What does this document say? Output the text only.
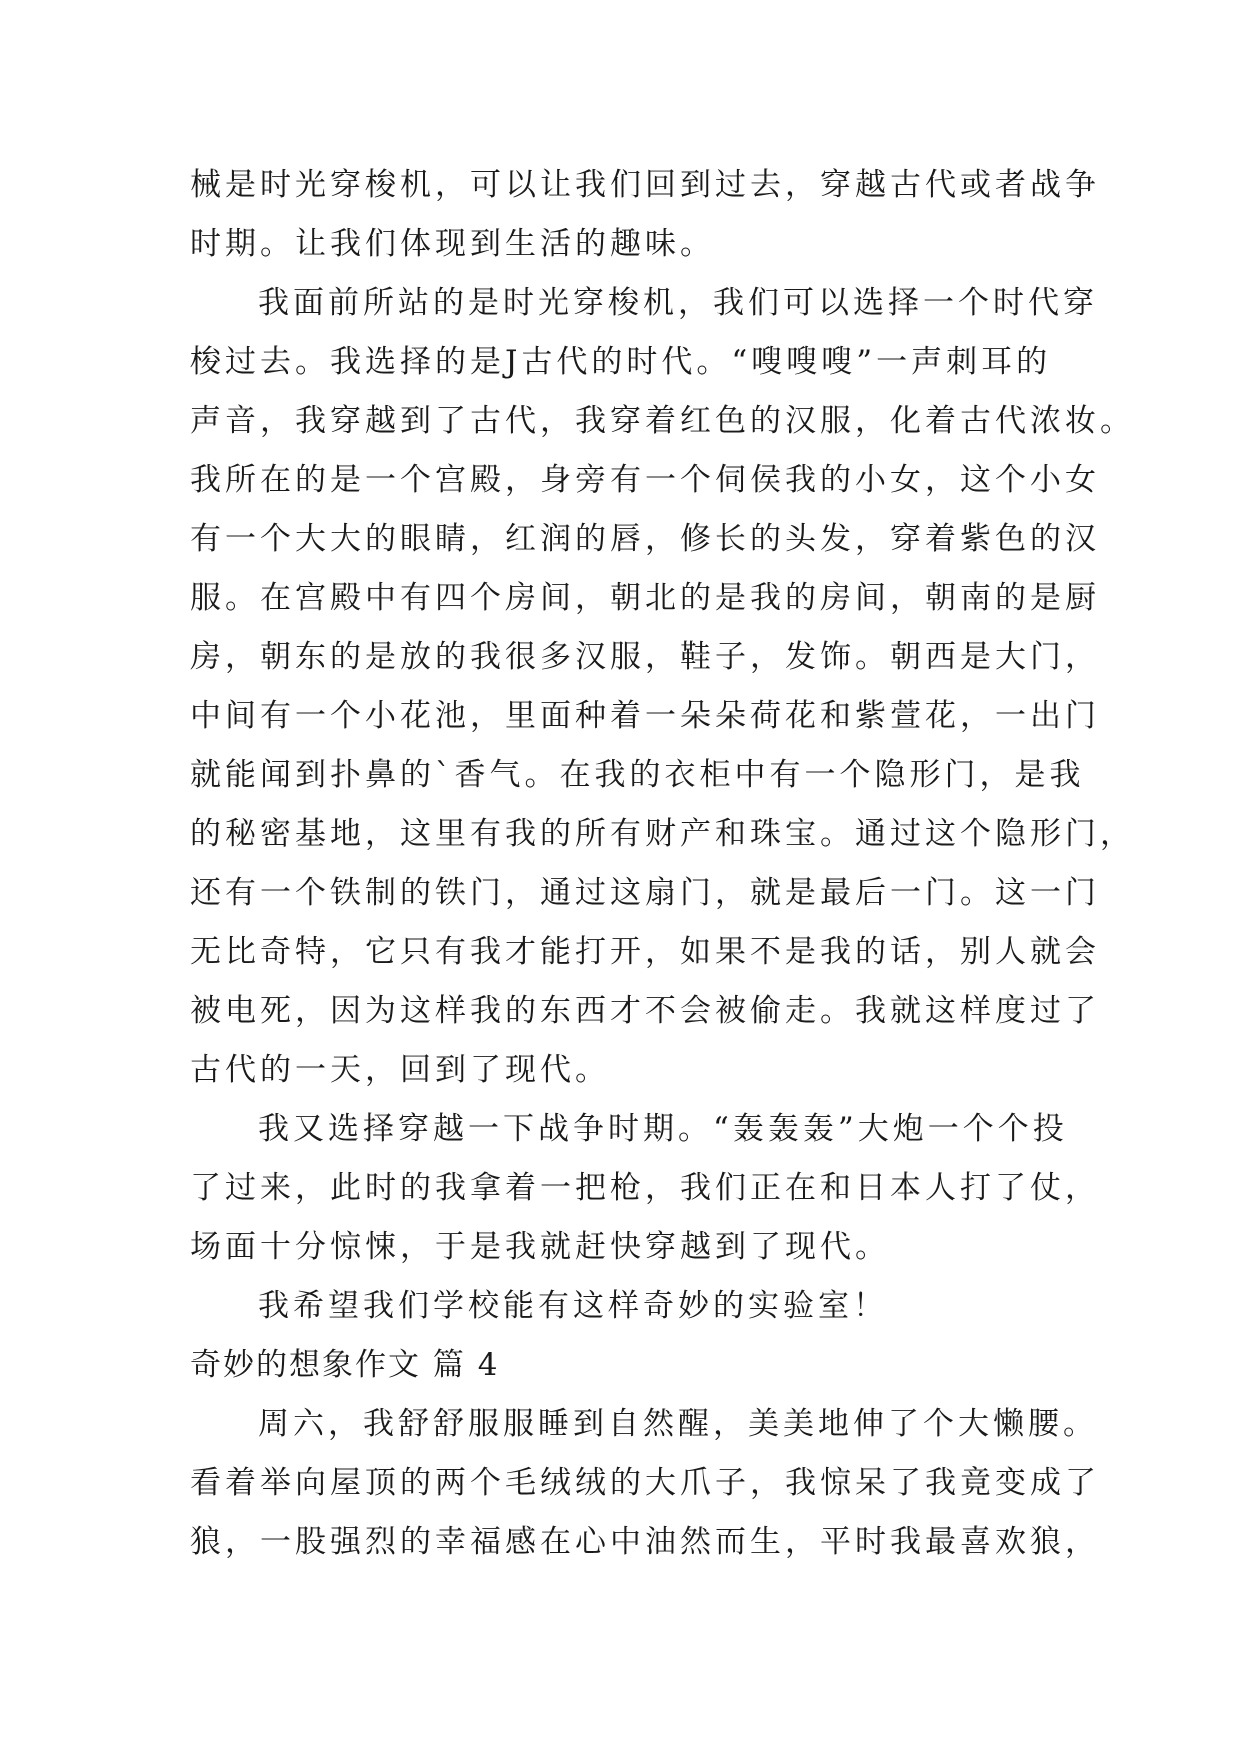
械是时光穿梭机，可以让我们回到过去，穿越古代或者战争
时期。让我们体现到生活的趣味。
我面前所站的是时光穿梭机，我们可以选择一个时代穿
梭过去。我选择的是J古代的时代。“嗖嗖嗖”一声刺耳的
声音，我穿越到了古代，我穿着红色的汉服，化着古代浓妆。
我所在的是一个宫殿，身旁有一个伺侯我的小女，这个小女
有一个大大的眼睛，红润的唇，修长的头发，穿着紫色的汉
服。在宫殿中有四个房间，朝北的是我的房间，朝南的是厨
房，朝东的是放的我很多汉服，鞋子，发饰。朝西是大门，
中间有一个小花池，里面种着一朵朵荷花和紫萱花，一出门
就能闻到扑鼻的`香气。在我的衣柜中有一个隐形门，是我
的秘密基地，这里有我的所有财产和珠宝。通过这个隐形门，
还有一个铁制的铁门，通过这扇门，就是最后一门。这一门
无比奇特，它只有我才能打开，如果不是我的话，别人就会
被电死，因为这样我的东西才不会被偷走。我就这样度过了
古代的一天，回到了现代。
我又选择穿越一下战争时期。“轰轰轰”大炮一个个投
了过来，此时的我拿着一把枪，我们正在和日本人打了仗，
场面十分惊悚，于是我就赶快穿越到了现代。
我希望我们学校能有这样奇妙的实验室！
奇妙的想象作文 篇 4
周六，我舒舒服服睡到自然醒，美美地伸了个大懒腰。
看着举向屋顶的两个毛绒绒的大爪子，我惊呆了我竟变成了
狼，一股强烈的幸福感在心中油然而生，平时我最喜欢狼，
